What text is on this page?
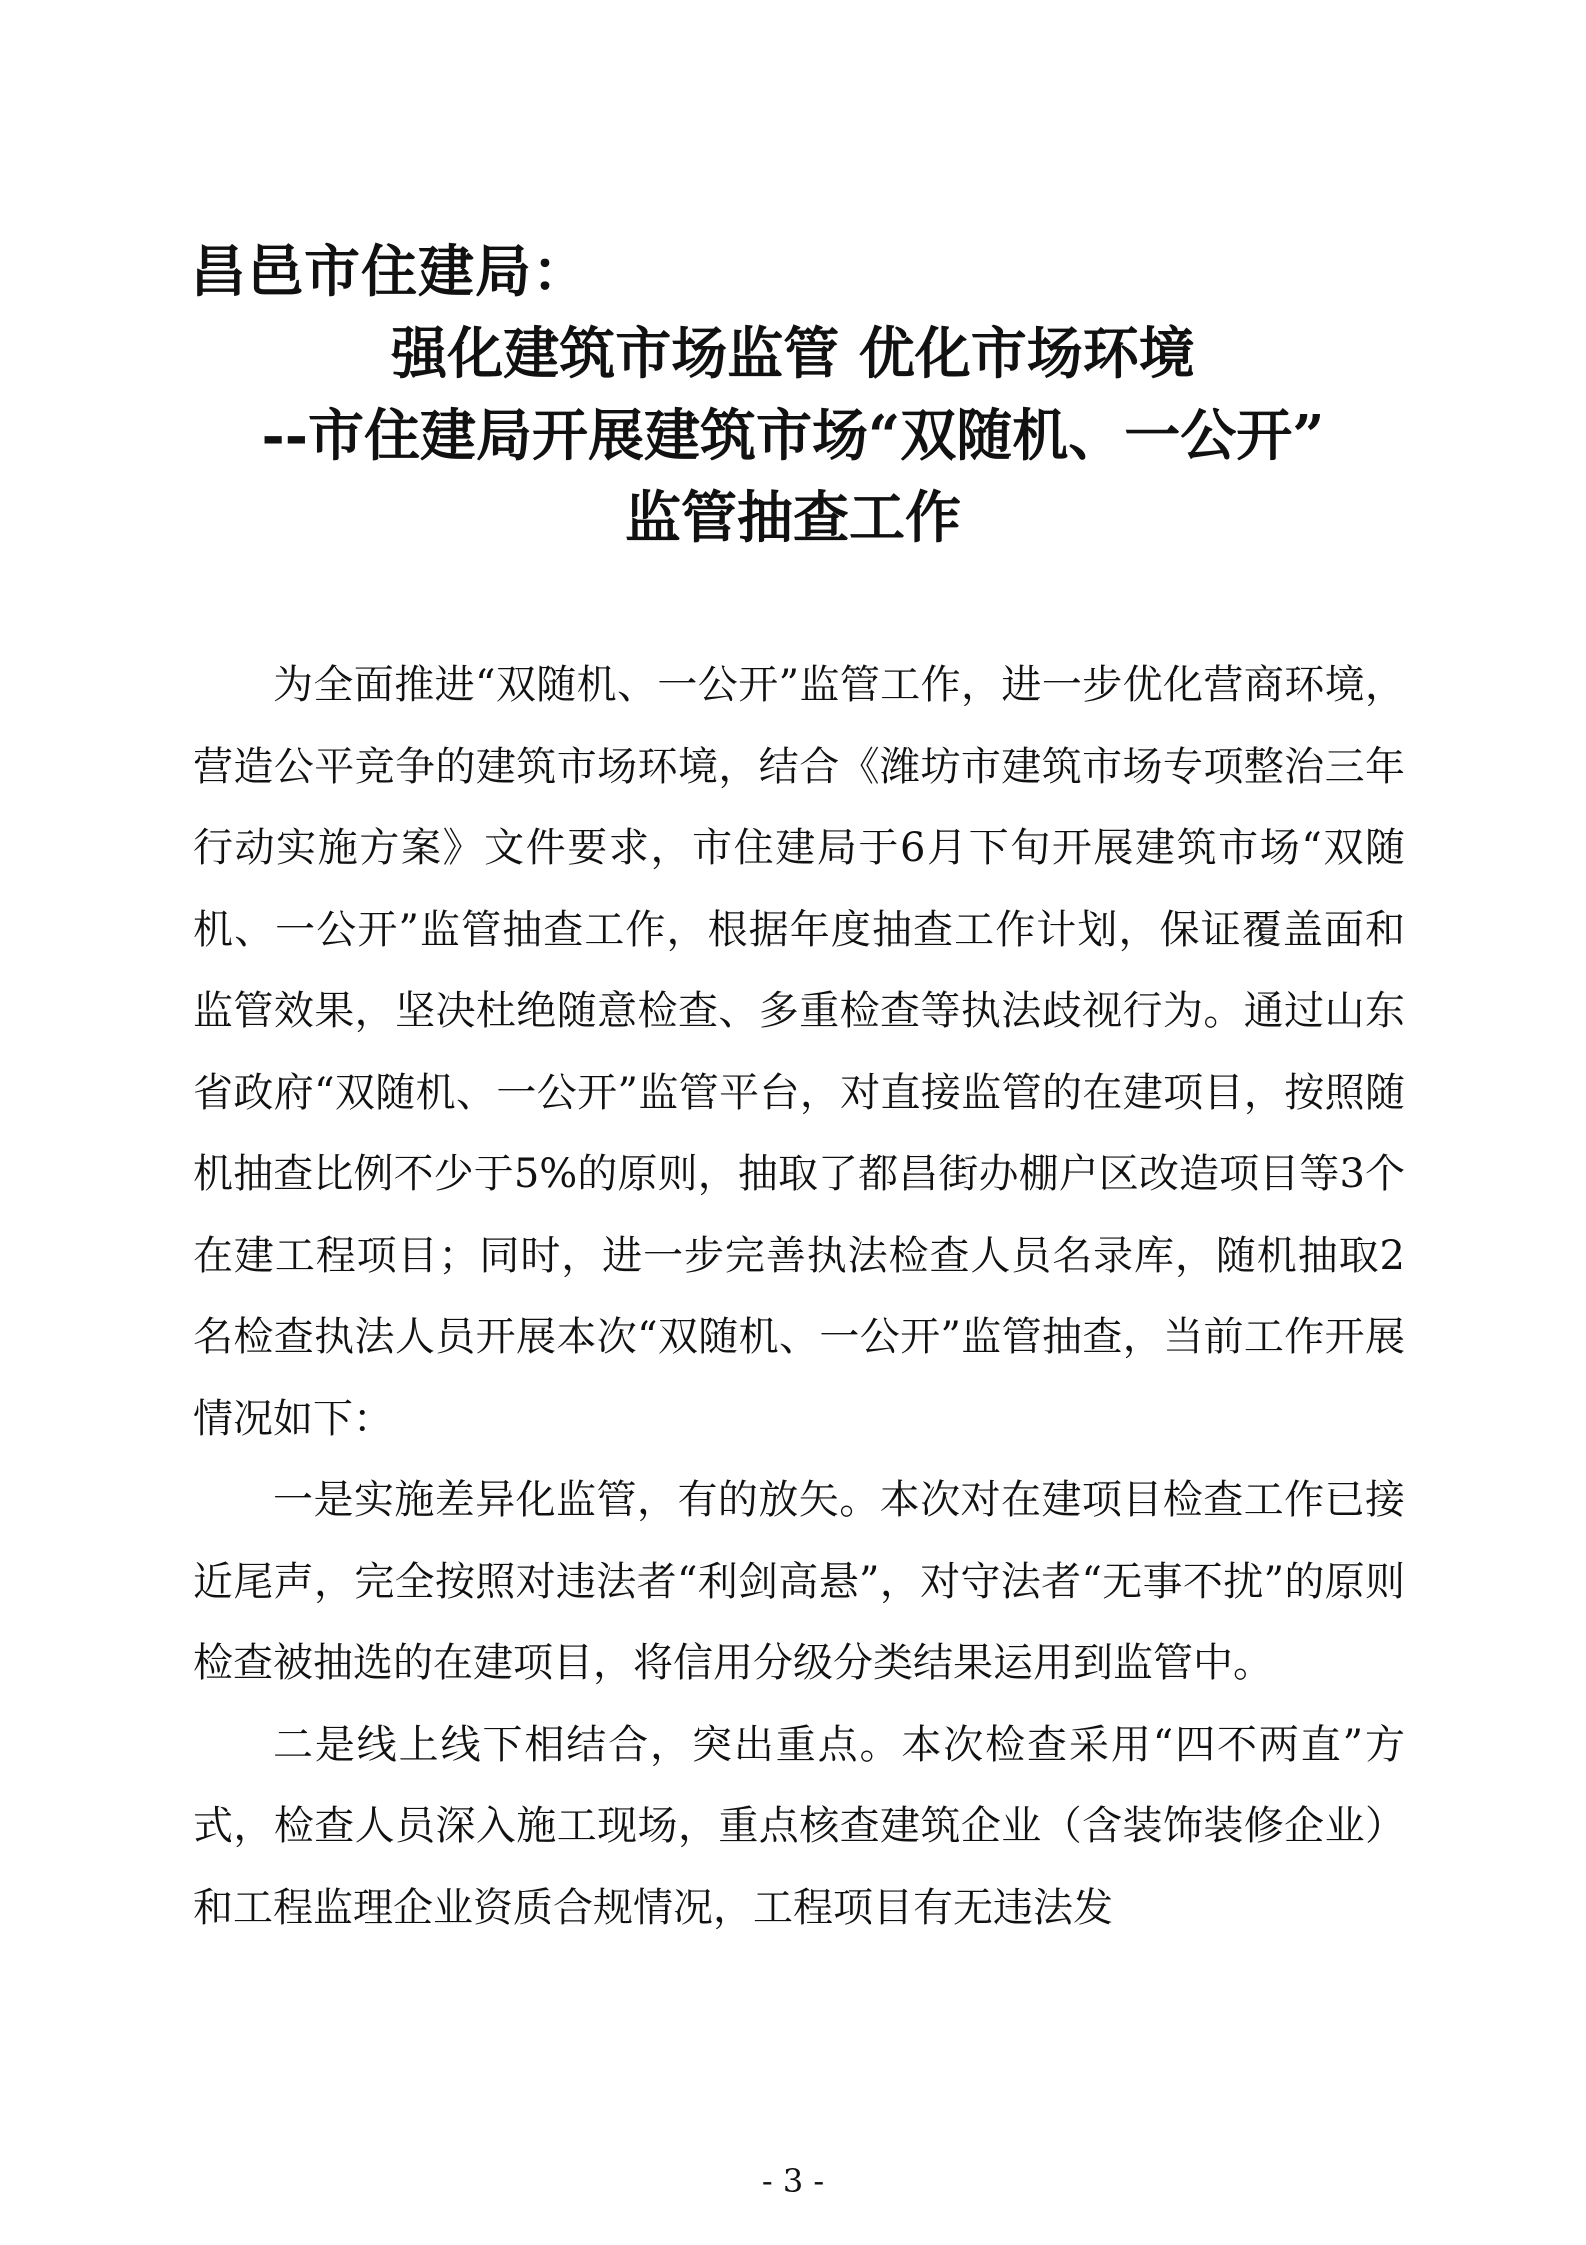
昌邑市住建局：
强化建筑市场监管 优化市场环境
--市住建局开展建筑市场“双随机、一公开”
监管抽查工作

为全面推进“双随机、一公开”监管工作，进一步优化营商环境，营造公平竞争的建筑市场环境，结合《潍坊市建筑市场专项整治三年行动实施方案》文件要求，市住建局于6月下旬开展建筑市场“双随机、一公开”监管抽查工作，根据年度抽查工作计划，保证覆盖面和监管效果，坚决杜绝随意检查、多重检查等执法歧视行为。通过山东省政府“双随机、一公开”监管平台，对直接监管的在建项目，按照随机抽查比例不少于5%的原则，抽取了都昌街办棚户区改造项目等3个在建工程项目；同时，进一步完善执法检查人员名录库，随机抽取2名检查执法人员开展本次“双随机、一公开”监管抽查，当前工作开展情况如下：

一是实施差异化监管，有的放矢。本次对在建项目检查工作已接近尾声，完全按照对违法者“利剑高悬”，对守法者“无事不扰”的原则检查被抽选的在建项目，将信用分级分类结果运用到监管中。

二是线上线下相结合，突出重点。本次检查采用“四不两直”方式，检查人员深入施工现场，重点核查建筑企业（含装饰装修企业）和工程监理企业资质合规情况，工程项目有无违法发

- 3 -
